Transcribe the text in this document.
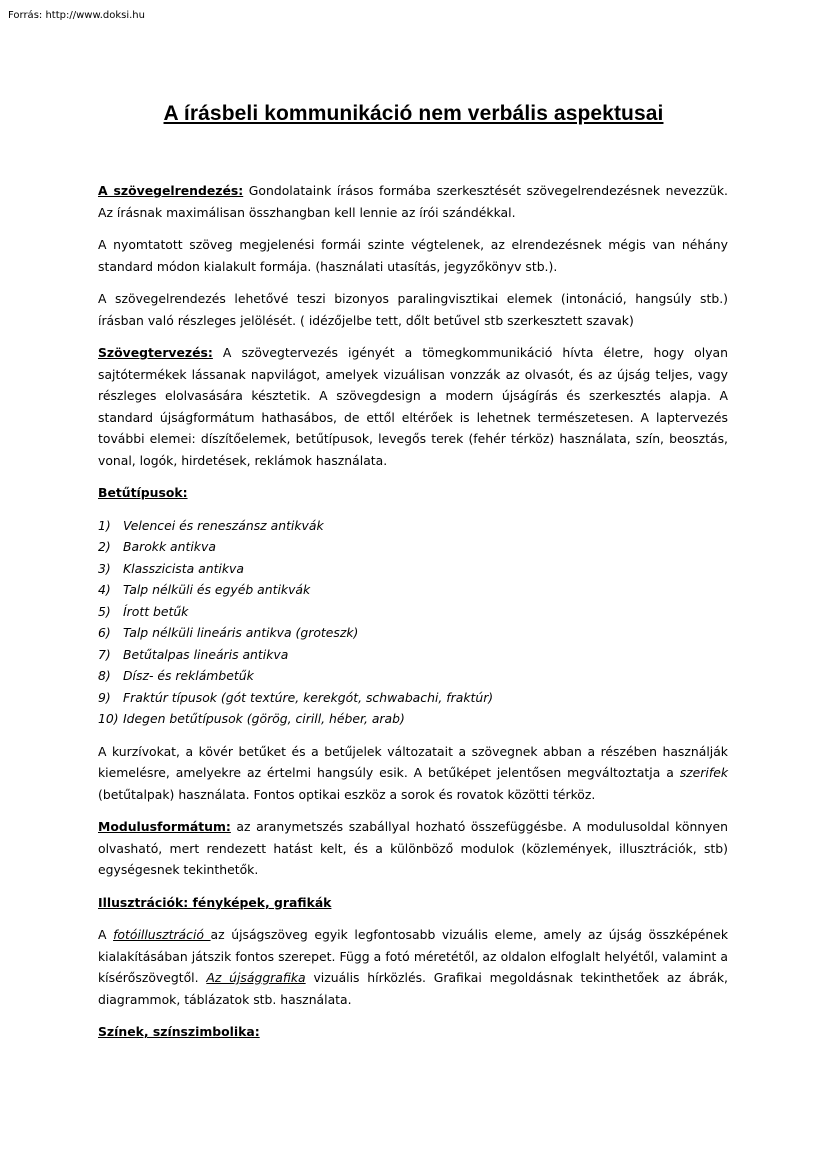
Forrás: http://www.doksi.hu
A írásbeli kommunikáció nem verbális aspektusai

A szövegelrendezés: Gondolataink írásos formába szerkesztését szövegelrendezésnek nevezzük. Az írásnak maximálisan összhangban kell lennie az írói szándékkal.

A nyomtatott szöveg megjelenési formái szinte végtelenek, az elrendezésnek mégis van néhány standard módon kialakult formája. (használati utasítás, jegyzőkönyv stb.).

A szövegelrendezés lehetővé teszi bizonyos paralingvisztikai elemek (intonáció, hangsúly stb.) írásban való részleges jelölését. ( idézőjelbe tett, dőlt betűvel stb szerkesztett szavak)

Szövegtervezés: A szövegtervezés igényét a tömegkommunikáció hívta életre, hogy olyan sajtótermékek lássanak napvilágot, amelyek vizuálisan vonzzák az olvasót, és az újság teljes, vagy részleges elolvasására késztetik. A szövegdesign a modern újságírás és szerkesztés alapja. A standard újságformátum hathasábos, de ettől eltérőek is lehetnek természetesen. A laptervezés további elemei: díszítőelemek, betűtípusok, levegős terek (fehér térköz) használata, szín, beosztás, vonal, logók, hirdetések, reklámok használata.

Betűtípusok:

1) Velencei és reneszánsz antikvák
2) Barokk antikva
3) Klasszicista antikva
4) Talp nélküli és egyéb antikvák
5) Írott betűk
6) Talp nélküli lineáris antikva (groteszk)
7) Betűtalpas lineáris antikva
8) Dísz- és reklámbetűk
9) Fraktúr típusok (gót textúre, kerekgót, schwabachi, fraktúr)
10) Idegen betűtípusok (görög, cirill, héber, arab)

A kurzívokat, a kövér betűket és a betűjelek változatait a szövegnek abban a részében használják kiemelésre, amelyekre az értelmi hangsúly esik. A betűképet jelentősen megváltoztatja a szerifek (betűtalpak) használata. Fontos optikai eszköz a sorok és rovatok közötti térköz.

Modulusformátum: az aranymetszés szabállyal hozható összefüggésbe. A modulusoldal könnyen olvasható, mert rendezett hatást kelt, és a különböző modulok (közlemények, illusztrációk, stb) egységesnek tekinthetők.

Illusztrációk: fényképek, grafikák

A fotóillusztráció az újságszöveg egyik legfontosabb vizuális eleme, amely az újság összképének kialakításában játszik fontos szerepet. Függ a fotó méretétől, az oldalon elfoglalt helyétől, valamint a kísérőszövegtől. Az újsággrafika vizuális hírközlés. Grafikai megoldásnak tekinthetőek az ábrák, diagrammok, táblázatok stb. használata.

Színek, színszimbolika:
